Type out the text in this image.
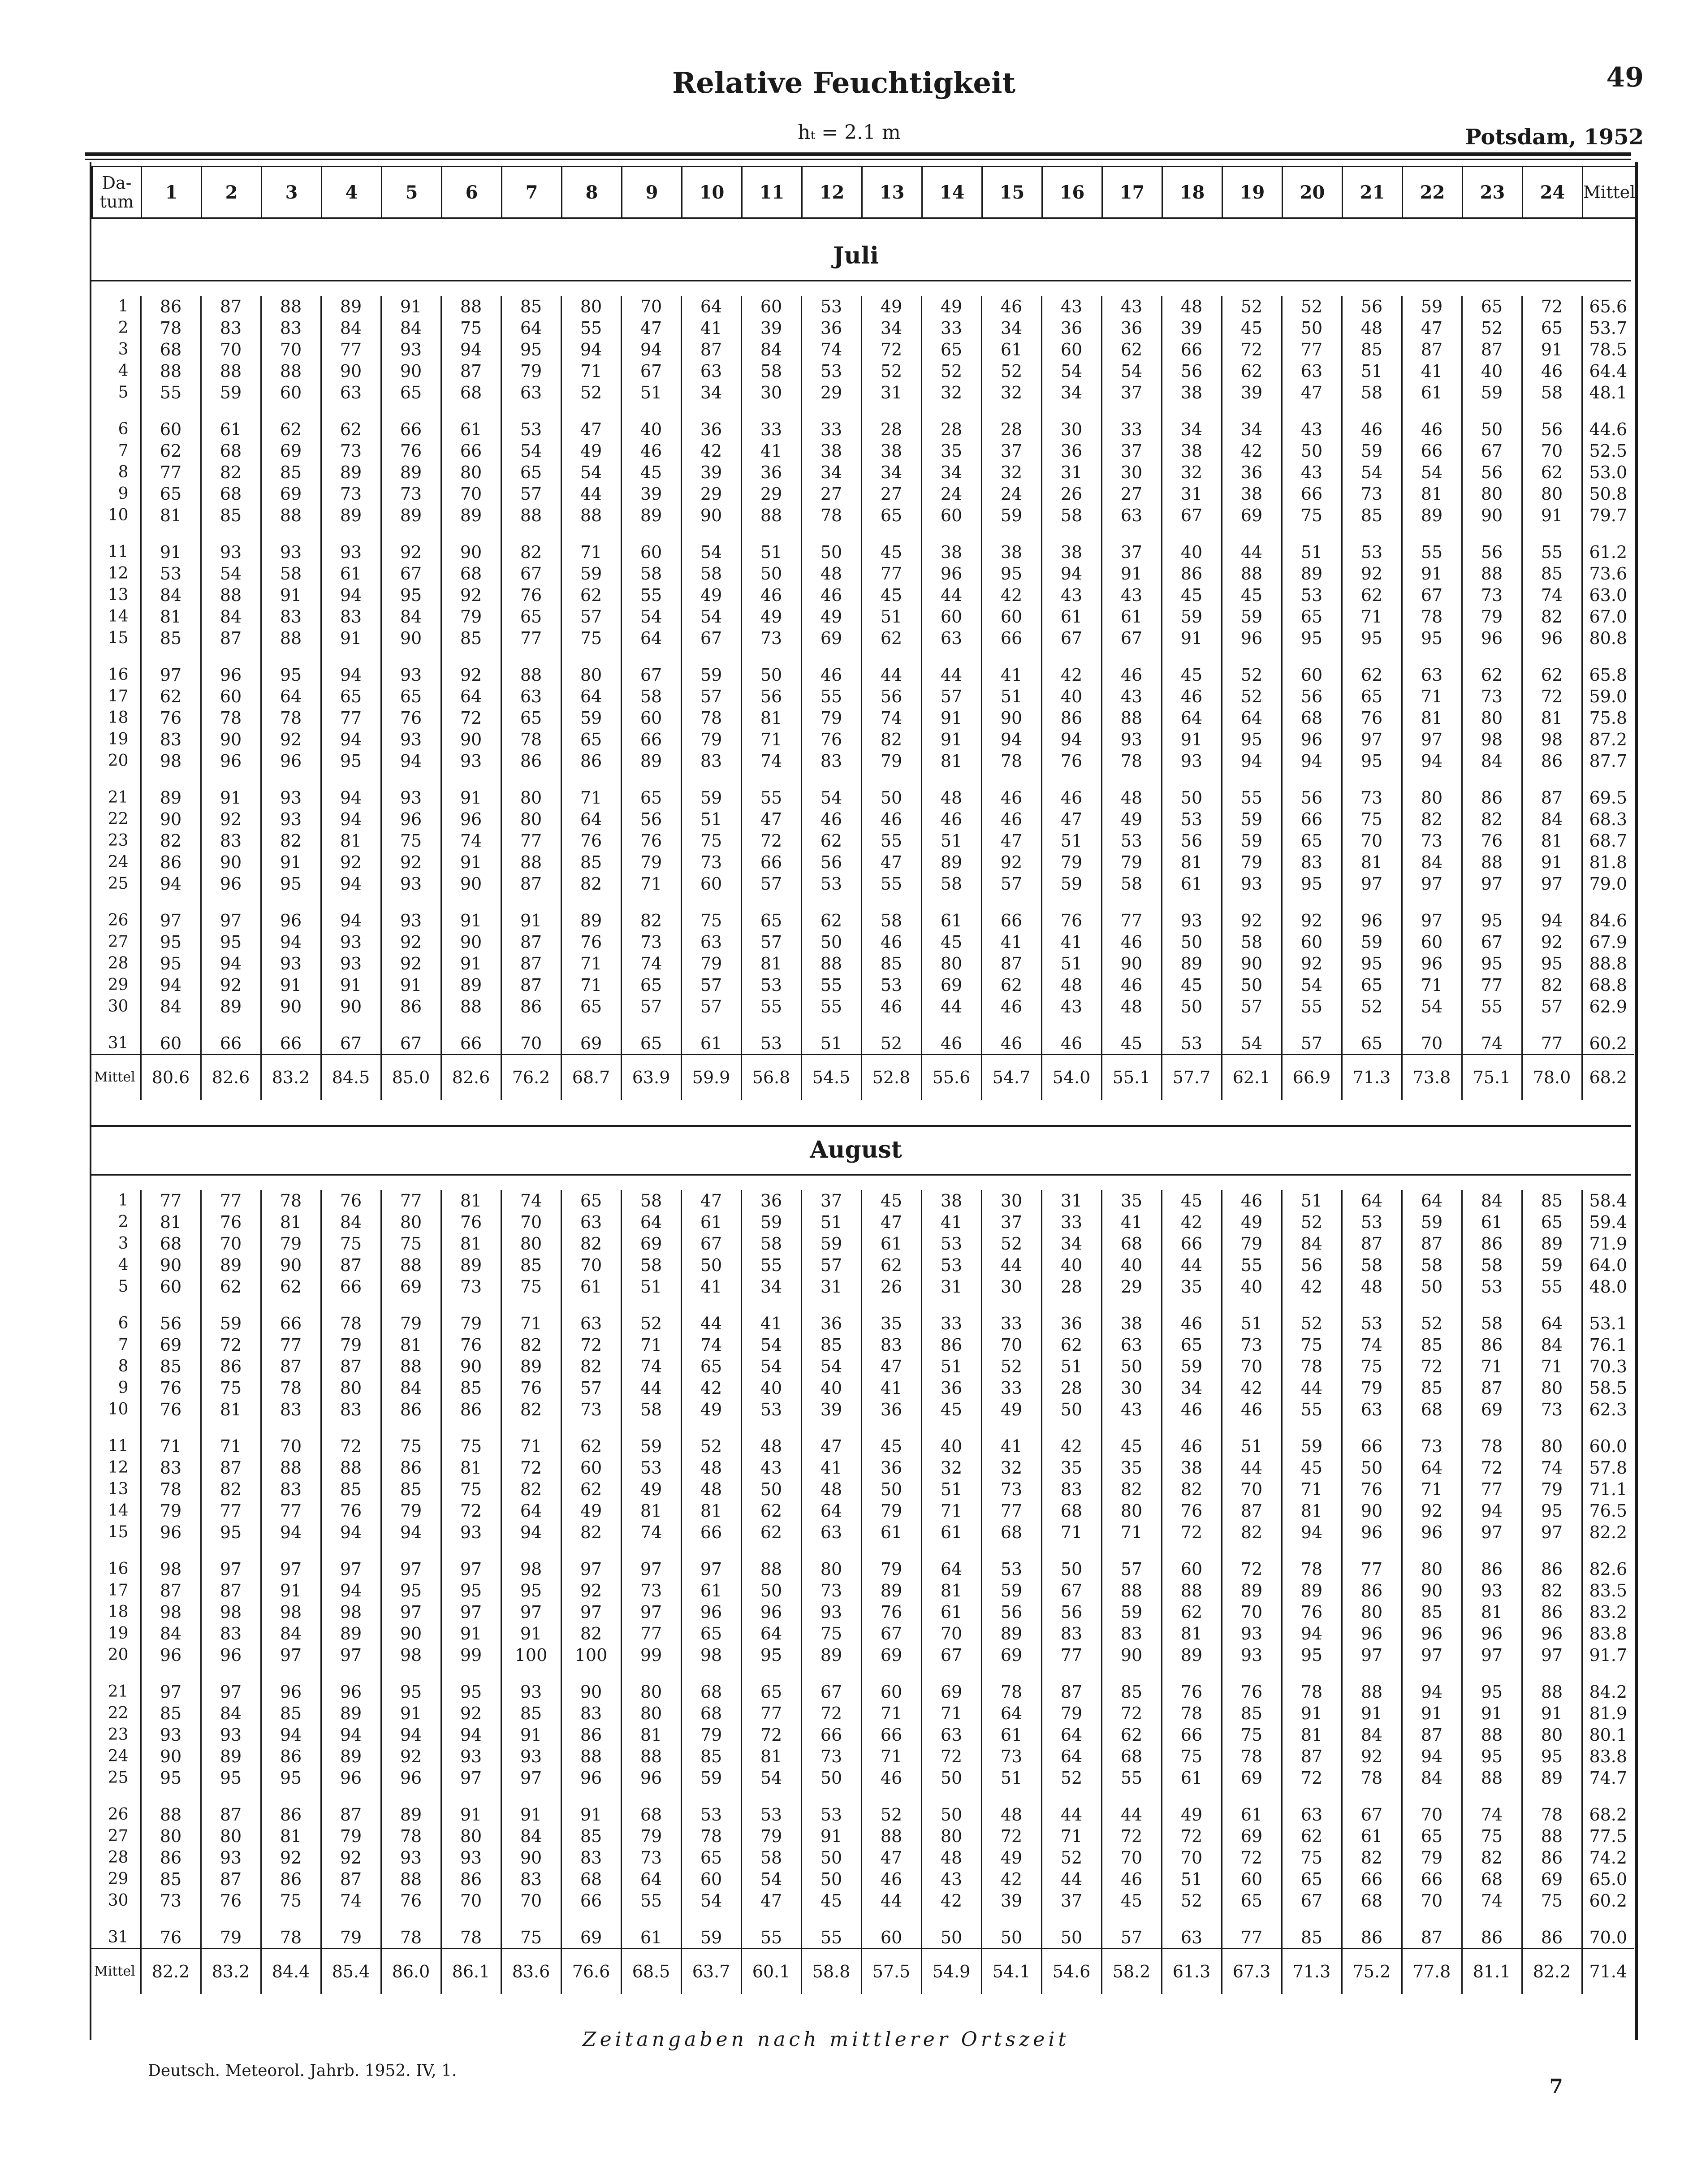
Relative Feuchtigkeit	49
hₜ = 2.1 m	Potsdam, 1952
Da-
tum	1	2	3	4	5	6	7	8	9	10	11	12	13	14	15	16	17	18	19	20	21	22	23	24	Mittel
Juli
1	86	87	88	89	91	88	85	80	70	64	60	53	49	49	46	43	43	48	52	52	56	59	65	72	65.6
2	78	83	83	84	84	75	64	55	47	41	39	36	34	33	34	36	36	39	45	50	48	47	52	65	53.7
3	68	70	70	77	93	94	95	94	94	87	84	74	72	65	61	60	62	66	72	77	85	87	87	91	78.5
4	88	88	88	90	90	87	79	71	67	63	58	53	52	52	52	54	54	56	62	63	51	41	40	46	64.4
5	55	59	60	63	65	68	63	52	51	34	30	29	31	32	32	34	37	38	39	47	58	61	59	58	48.1

6	60	61	62	62	66	61	53	47	40	36	33	33	28	28	28	30	33	34	34	43	46	46	50	56	44.6
7	62	68	69	73	76	66	54	49	46	42	41	38	38	35	37	36	37	38	42	50	59	66	67	70	52.5
8	77	82	85	89	89	80	65	54	45	39	36	34	34	34	32	31	30	32	36	43	54	54	56	62	53.0
9	65	68	69	73	73	70	57	44	39	29	29	27	27	24	24	26	27	31	38	66	73	81	80	80	50.8
10	81	85	88	89	89	89	88	88	89	90	88	78	65	60	59	58	63	67	69	75	85	89	90	91	79.7

11	91	93	93	93	92	90	82	71	60	54	51	50	45	38	38	38	37	40	44	51	53	55	56	55	61.2
12	53	54	58	61	67	68	67	59	58	58	50	48	77	96	95	94	91	86	88	89	92	91	88	85	73.6
13	84	88	91	94	95	92	76	62	55	49	46	46	45	44	42	43	43	45	45	53	62	67	73	74	63.0
14	81	84	83	83	84	79	65	57	54	54	49	49	51	60	60	61	61	59	59	65	71	78	79	82	67.0
15	85	87	88	91	90	85	77	75	64	67	73	69	62	63	66	67	67	91	96	95	95	95	96	96	80.8

16	97	96	95	94	93	92	88	80	67	59	50	46	44	44	41	42	46	45	52	60	62	63	62	62	65.8
17	62	60	64	65	65	64	63	64	58	57	56	55	56	57	51	40	43	46	52	56	65	71	73	72	59.0
18	76	78	78	77	76	72	65	59	60	78	81	79	74	91	90	86	88	64	64	68	76	81	80	81	75.8
19	83	90	92	94	93	90	78	65	66	79	71	76	82	91	94	94	93	91	95	96	97	97	98	98	87.2
20	98	96	96	95	94	93	86	86	89	83	74	83	79	81	78	76	78	93	94	94	95	94	84	86	87.7

21	89	91	93	94	93	91	80	71	65	59	55	54	50	48	46	46	48	50	55	56	73	80	86	87	69.5
22	90	92	93	94	96	96	80	64	56	51	47	46	46	46	46	47	49	53	59	66	75	82	82	84	68.3
23	82	83	82	81	75	74	77	76	76	75	72	62	55	51	47	51	53	56	59	65	70	73	76	81	68.7
24	86	90	91	92	92	91	88	85	79	73	66	56	47	89	92	79	79	81	79	83	81	84	88	91	81.8
25	94	96	95	94	93	90	87	82	71	60	57	53	55	58	57	59	58	61	93	95	97	97	97	97	79.0

26	97	97	96	94	93	91	91	89	82	75	65	62	58	61	66	76	77	93	92	92	96	97	95	94	84.6
27	95	95	94	93	92	90	87	76	73	63	57	50	46	45	41	41	46	50	58	60	59	60	67	92	67.9
28	95	94	93	93	92	91	87	71	74	79	81	88	85	80	87	51	90	89	90	92	95	96	95	95	88.8
29	94	92	91	91	91	89	87	71	65	57	53	55	53	69	62	48	46	45	50	54	65	71	77	82	68.8
30	84	89	90	90	86	88	86	65	57	57	55	55	46	44	46	43	48	50	57	55	52	54	55	57	62.9

31	60	66	66	67	67	66	70	69	65	61	53	51	52	46	46	46	45	53	54	57	65	70	74	77	60.2
Mittel	80.6	82.6	83.2	84.5	85.0	82.6	76.2	68.7	63.9	59.9	56.8	54.5	52.8	55.6	54.7	54.0	55.1	57.7	62.1	66.9	71.3	73.8	75.1	78.0	68.2
August
1	77	77	78	76	77	81	74	65	58	47	36	37	45	38	30	31	35	45	46	51	64	64	84	85	58.4
2	81	76	81	84	80	76	70	63	64	61	59	51	47	41	37	33	41	42	49	52	53	59	61	65	59.4
3	68	70	79	75	75	81	80	82	69	67	58	59	61	53	52	34	68	66	79	84	87	87	86	89	71.9
4	90	89	90	87	88	89	85	70	58	50	55	57	62	53	44	40	40	44	55	56	58	58	58	59	64.0
5	60	62	62	66	69	73	75	61	51	41	34	31	26	31	30	28	29	35	40	42	48	50	53	55	48.0

6	56	59	66	78	79	79	71	63	52	44	41	36	35	33	33	36	38	46	51	52	53	52	58	64	53.1
7	69	72	77	79	81	76	82	72	71	74	54	85	83	86	70	62	63	65	73	75	74	85	86	84	76.1
8	85	86	87	87	88	90	89	82	74	65	54	54	47	51	52	51	50	59	70	78	75	72	71	71	70.3
9	76	75	78	80	84	85	76	57	44	42	40	40	41	36	33	28	30	34	42	44	79	85	87	80	58.5
10	76	81	83	83	86	86	82	73	58	49	53	39	36	45	49	50	43	46	46	55	63	68	69	73	62.3

11	71	71	70	72	75	75	71	62	59	52	48	47	45	40	41	42	45	46	51	59	66	73	78	80	60.0
12	83	87	88	88	86	81	72	60	53	48	43	41	36	32	32	35	35	38	44	45	50	64	72	74	57.8
13	78	82	83	85	85	75	82	62	49	48	50	48	50	51	73	83	82	82	70	71	76	71	77	79	71.1
14	79	77	77	76	79	72	64	49	81	81	62	64	79	71	77	68	80	76	87	81	90	92	94	95	76.5
15	96	95	94	94	94	93	94	82	74	66	62	63	61	61	68	71	71	72	82	94	96	96	97	97	82.2

16	98	97	97	97	97	97	98	97	97	97	88	80	79	64	53	50	57	60	72	78	77	80	86	86	82.6
17	87	87	91	94	95	95	95	92	73	61	50	73	89	81	59	67	88	88	89	89	86	90	93	82	83.5
18	98	98	98	98	97	97	97	97	97	96	96	93	76	61	56	56	59	62	70	76	80	85	81	86	83.2
19	84	83	84	89	90	91	91	82	77	65	64	75	67	70	89	83	83	81	93	94	96	96	96	96	83.8
20	96	96	97	97	98	99	100	100	99	98	95	89	69	67	69	77	90	89	93	95	97	97	97	97	91.7

21	97	97	96	96	95	95	93	90	80	68	65	67	60	69	78	87	85	76	76	78	88	94	95	88	84.2
22	85	84	85	89	91	92	85	83	80	68	77	72	71	71	64	79	72	78	85	91	91	91	91	91	81.9
23	93	93	94	94	94	94	91	86	81	79	72	66	66	63	61	64	62	66	75	81	84	87	88	80	80.1
24	90	89	86	89	92	93	93	88	88	85	81	73	71	72	73	64	68	75	78	87	92	94	95	95	83.8
25	95	95	95	96	96	97	97	96	96	59	54	50	46	50	51	52	55	61	69	72	78	84	88	89	74.7

26	88	87	86	87	89	91	91	91	68	53	53	53	52	50	48	44	44	49	61	63	67	70	74	78	68.2
27	80	80	81	79	78	80	84	85	79	78	79	91	88	80	72	71	72	72	69	62	61	65	75	88	77.5
28	86	93	92	92	93	93	90	83	73	65	58	50	47	48	49	52	70	70	72	75	82	79	82	86	74.2
29	85	87	86	87	88	86	83	68	64	60	54	50	46	43	42	44	46	51	60	65	66	66	68	69	65.0
30	73	76	75	74	76	70	70	66	55	54	47	45	44	42	39	37	45	52	65	67	68	70	74	75	60.2

31	76	79	78	79	78	78	75	69	61	59	55	55	60	50	50	50	57	63	77	85	86	87	86	86	70.0
Mittel	82.2	83.2	84.4	85.4	86.0	86.1	83.6	76.6	68.5	63.7	60.1	58.8	57.5	54.9	54.1	54.6	58.2	61.3	67.3	71.3	75.2	77.8	81.1	82.2	71.4
Zeitangaben nach mittlerer Ortszeit
Deutsch. Meteorol. Jahrb. 1952. IV, 1.
7
